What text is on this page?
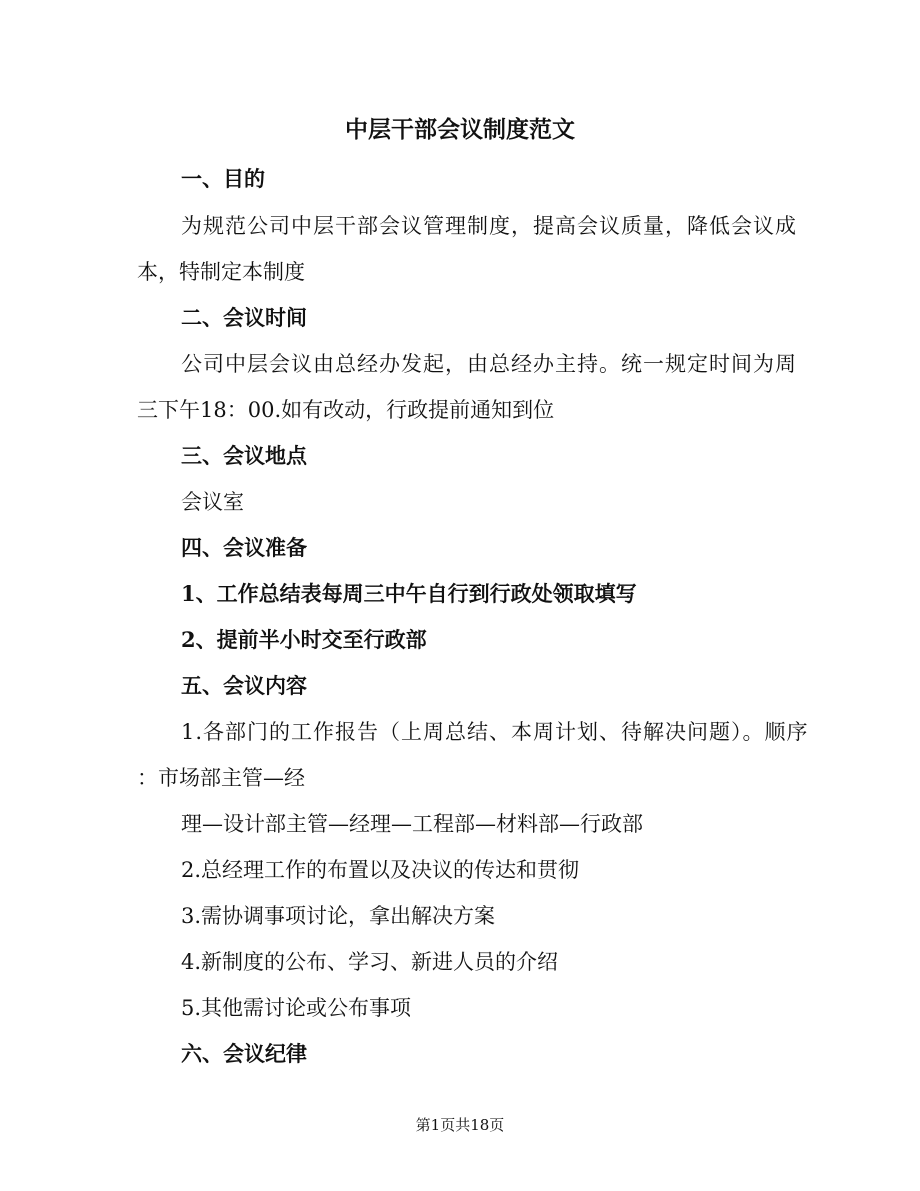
中层干部会议制度范文
一、目的
为规范公司中层干部会议管理制度，提高会议质量，降低会议成
本，特制定本制度
二、会议时间
公司中层会议由总经办发起，由总经办主持。统一规定时间为周
三下午18：00.如有改动，行政提前通知到位
三、会议地点
会议室
四、会议准备
1、工作总结表每周三中午自行到行政处领取填写
2、提前半小时交至行政部
五、会议内容
1.各部门的工作报告（上周总结、本周计划、待解决问题）。顺序
：市场部主管—经
理—设计部主管—经理—工程部—材料部—行政部
2.总经理工作的布置以及决议的传达和贯彻
3.需协调事项讨论，拿出解决方案
4.新制度的公布、学习、新进人员的介绍
5.其他需讨论或公布事项
六、会议纪律
第1页共18页
